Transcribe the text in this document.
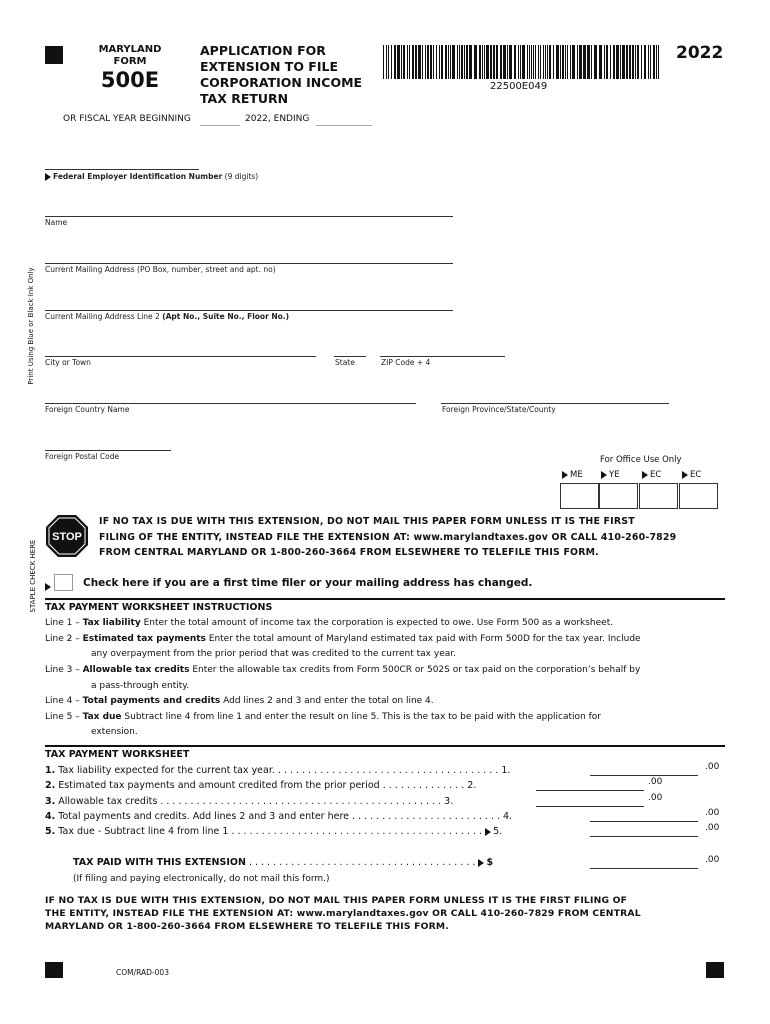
MARYLAND
FORM
500E
APPLICATION FOR
EXTENSION TO FILE
CORPORATION INCOME
TAX RETURN
22500E049
2022
OR FISCAL YEAR BEGINNING	2022, ENDING
Print Using Blue or Black Ink Only
STAPLE CHECK HERE
Federal Employer Identification Number (9 digits)
Name
Current Mailing Address (PO Box, number, street and apt. no)
Current Mailing Address Line 2 (Apt No., Suite No., Floor No.)
City or Town	State	ZIP Code + 4
Foreign Country Name	Foreign Province/State/County
Foreign Postal Code	For Office Use Only
ME	YE	EC	EC
STOP
IF NO TAX IS DUE WITH THIS EXTENSION, DO NOT MAIL THIS PAPER FORM UNLESS IT IS THE FIRST
FILING OF THE ENTITY, INSTEAD FILE THE EXTENSION AT: www.marylandtaxes.gov OR CALL 410-260-7829
FROM CENTRAL MARYLAND OR 1-800-260-3664 FROM ELSEWHERE TO TELEFILE THIS FORM.
Check here if you are a first time filer or your mailing address has changed.
TAX PAYMENT WORKSHEET INSTRUCTIONS
Line 1 – Tax liability Enter the total amount of income tax the corporation is expected to owe. Use Form 500 as a worksheet.
Line 2 – Estimated tax payments Enter the total amount of Maryland estimated tax paid with Form 500D for the tax year. Include
any overpayment from the prior period that was credited to the current tax year.
Line 3 – Allowable tax credits Enter the allowable tax credits from Form 500CR or 502S or tax paid on the corporation’s behalf by
a pass-through entity.
Line 4 – Total payments and credits Add lines 2 and 3 and enter the total on line 4.
Line 5 – Tax due Subtract line 4 from line 1 and enter the result on line 5. This is the tax to be paid with the application for
extension.
TAX PAYMENT WORKSHEET
1. Tax liability expected for the current tax year. . . . . . . . . . . . . . . . . . . . . . . . . . . . . . . . . . . . . . 1.	.00
2. Estimated tax payments and amount credited from the prior period . . . . . . . . . . . . . . 2.	.00
3. Allowable tax credits . . . . . . . . . . . . . . . . . . . . . . . . . . . . . . . . . . . . . . . . . . . . . . . 3.	.00
4. Total payments and credits. Add lines 2 and 3 and enter here . . . . . . . . . . . . . . . . . . . . . . . . . 4.	.00
5. Tax due - Subtract line 4 from line 1 . . . . . . . . . . . . . . . . . . . . . . . . . . . . . . . . . . . . . . . . . . 5.	.00
TAX PAID WITH THIS EXTENSION . . . . . . . . . . . . . . . . . . . . . . . . . . . . . . . . . . . . . . $	.00
(If filing and paying electronically, do not mail this form.)
IF NO TAX IS DUE WITH THIS EXTENSION, DO NOT MAIL THIS PAPER FORM UNLESS IT IS THE FIRST FILING OF
THE ENTITY, INSTEAD FILE THE EXTENSION AT: www.marylandtaxes.gov OR CALL 410-260-7829 FROM CENTRAL
MARYLAND OR 1-800-260-3664 FROM ELSEWHERE TO TELEFILE THIS FORM.
COM/RAD-003
